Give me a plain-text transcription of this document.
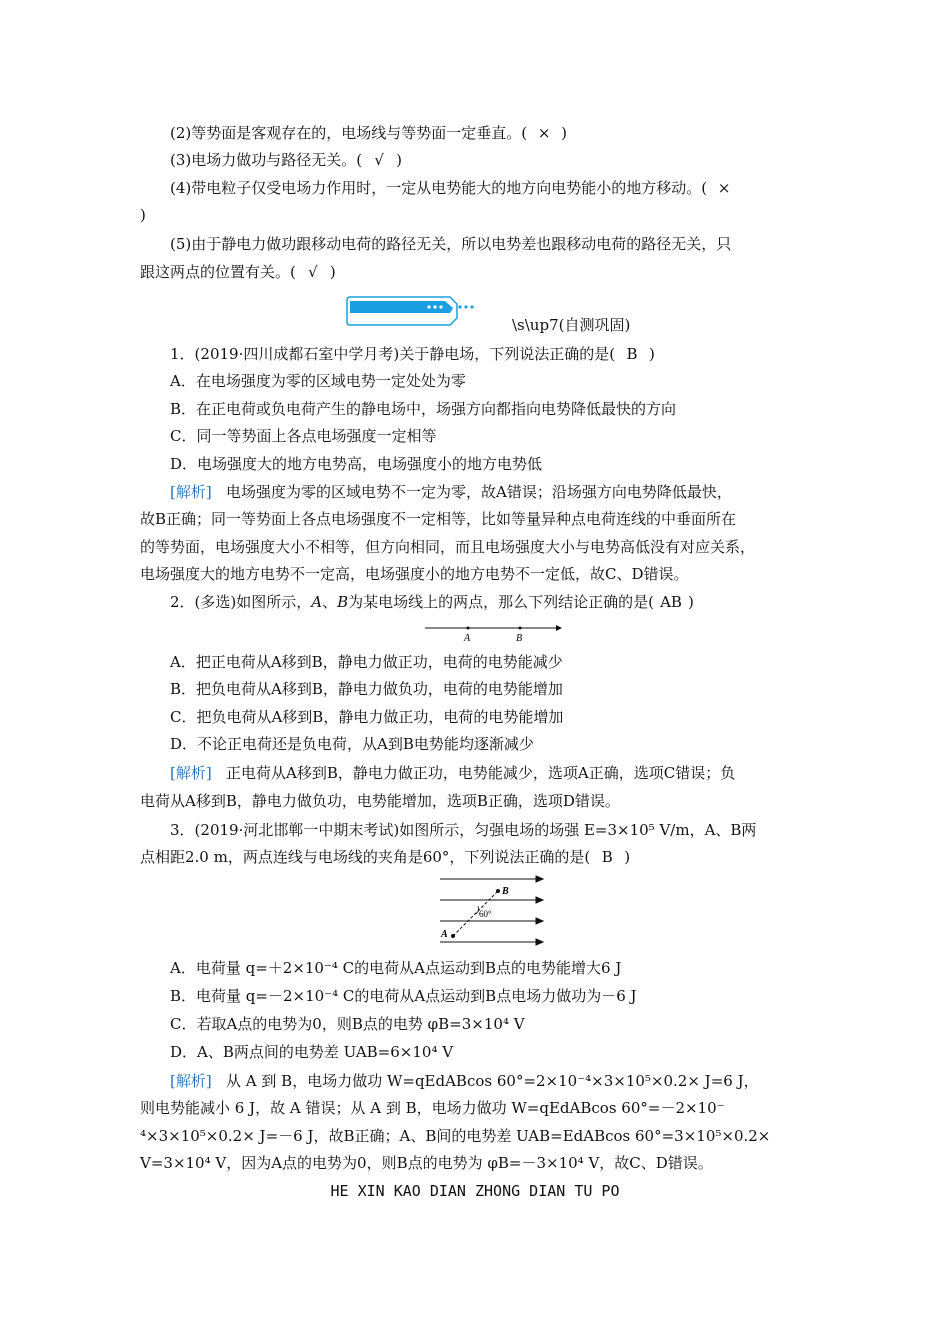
(2)等势面是客观存在的，电场线与等势面一定垂直。( × )
(3)电场力做功与路径无关。( √ )
(4)带电粒子仅受电场力作用时，一定从电势能大的地方向电势能小的地方移动。( ×
)
(5)由于静电力做功跟移动电荷的路径无关，所以电势差也跟移动电荷的路径无关，只
跟这两点的位置有关。( √ )
\s\up7(自测巩固)
1．(2019·四川成都石室中学月考)关于静电场，下列说法正确的是( B )
A．在电场强度为零的区域电势一定处处为零
B．在正电荷或负电荷产生的静电场中，场强方向都指向电势降低最快的方向
C．同一等势面上各点电场强度一定相等
D．电场强度大的地方电势高，电场强度小的地方电势低
[解析] 电场强度为零的区域电势不一定为零，故A错误；沿场强方向电势降低最快，
故B正确；同一等势面上各点电场强度不一定相等，比如等量异种点电荷连线的中垂面所在
的等势面，电场强度大小不相等，但方向相同，而且电场强度大小与电势高低没有对应关系，
电场强度大的地方电势不一定高，电场强度小的地方电势不一定低，故C、D错误。
2．(多选)如图所示，A、B为某电场线上的两点，那么下列结论正确的是( AB )
A	B
A．把正电荷从A移到B，静电力做正功，电荷的电势能减少
B．把负电荷从A移到B，静电力做负功，电荷的电势能增加
C．把负电荷从A移到B，静电力做正功，电荷的电势能增加
D．不论正电荷还是负电荷，从A到B电势能均逐渐减少
[解析] 正电荷从A移到B，静电力做正功，电势能减少，选项A正确，选项C错误；负
电荷从A移到B，静电力做负功，电势能增加，选项B正确，选项D错误。
3．(2019·河北邯郸一中期末考试)如图所示，匀强电场的场强 E=3×10⁵ V/m，A、B两
点相距2.0 m，两点连线与电场线的夹角是60°，下列说法正确的是( B )
A
B
60°
A．电荷量 q=＋2×10⁻⁴ C的电荷从A点运动到B点的电势能增大6 J
B．电荷量 q=－2×10⁻⁴ C的电荷从A点运动到B点电场力做功为－6 J
C．若取A点的电势为0，则B点的电势 φB=3×10⁴ V
D．A、B两点间的电势差 UAB=6×10⁴ V
[解析] 从 A 到 B，电场力做功 W=qEdABcos 60°=2×10⁻⁴×3×10⁵×0.2× J=6 J，
则电势能减小 6 J，故 A 错误；从 A 到 B，电场力做功 W=qEdABcos 60°=－2×10⁻
⁴×3×10⁵×0.2× J=－6 J，故B正确；A、B间的电势差 UAB=EdABcos 60°=3×10⁵×0.2×
V=3×10⁴ V，因为A点的电势为0，则B点的电势为 φB=－3×10⁴ V，故C、D错误。
HE XIN KAO DIAN ZHONG DIAN TU PO
